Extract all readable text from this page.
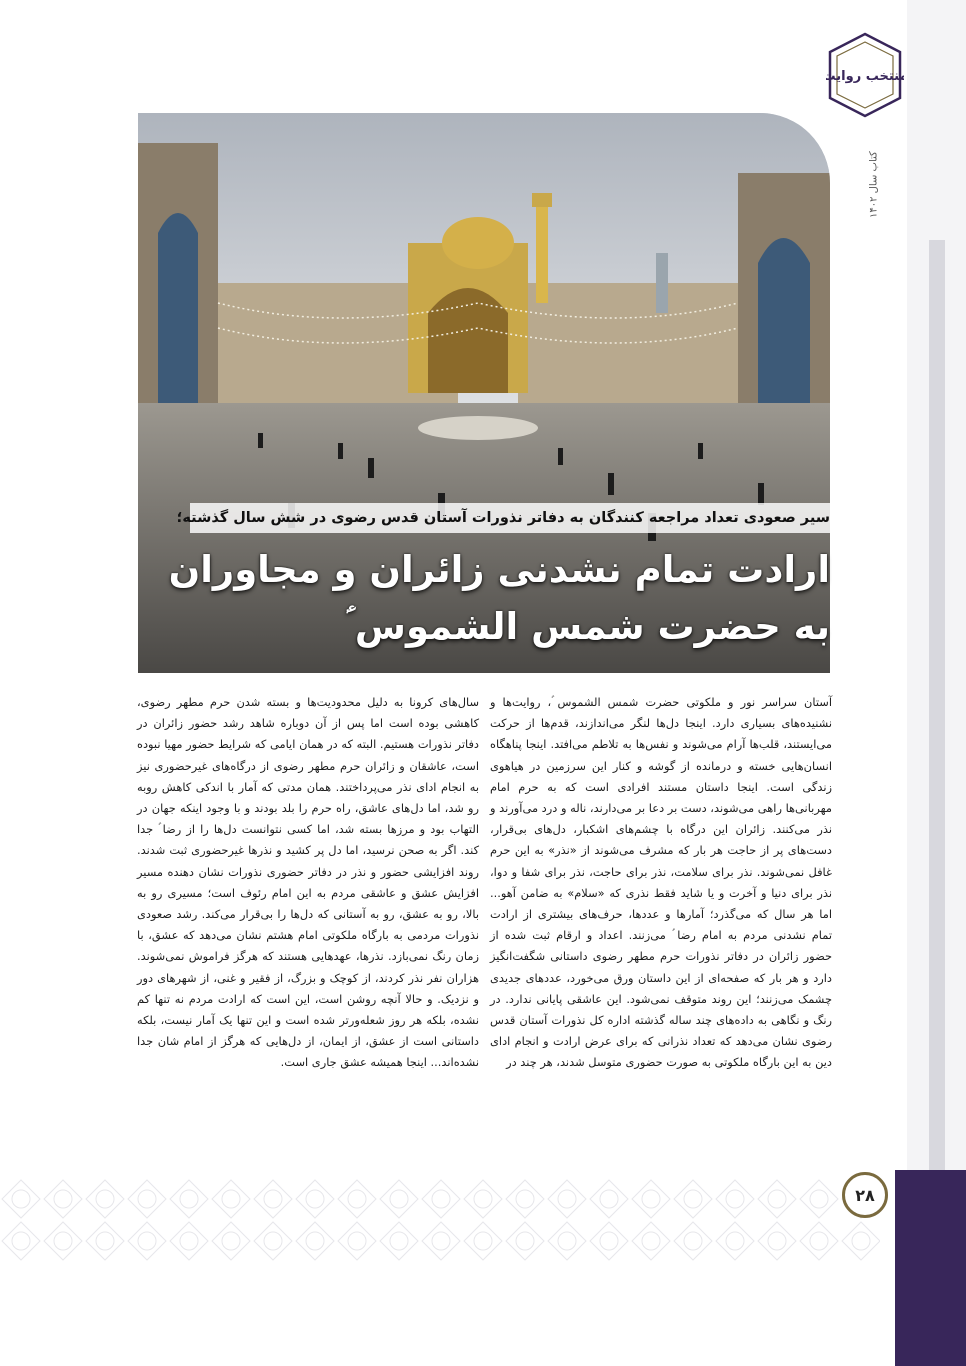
منتخب روایت
کتاب سال ۱۴۰۲
سیر صعودی تعداد مراجعه کنندگان به دفاتر نذورات آستان قدس رضوی در شش سال گذشته؛
ارادت تمام نشدنی زائران و مجاوران
به حضرت شمس الشموس ؑ

آستان سراسر نور و ملکوتی حضرت شمس الشموس ؑ، روایت‌ها و نشنیده‌های بسیاری دارد. اینجا دل‌ها لنگر می‌اندازند، قدم‌ها از حرکت می‌ایستند، قلب‌ها آرام می‌شوند و نفس‌ها به تلاطم می‌افتد. اینجا پناهگاه انسان‌هایی خسته و درمانده از گوشه و کنار این سرزمین در هیاهوی زندگی است. اینجا داستان مستند افرادی است که به حرم امام مهربانی‌ها راهی می‌شوند، دست بر دعا بر می‌دارند، ناله و درد می‌آورند و نذر می‌کنند. زائران این درگاه با چشم‌های اشکبار، دل‌های بی‌قرار، دست‌های پر از حاجت هر بار که مشرف می‌شوند از «نذر» به این حرم غافل نمی‌شوند. نذر برای سلامت، نذر برای حاجت، نذر برای شفا و دوا، نذر برای دنیا و آخرت و یا شاید فقط نذری که «سلام» به ضامن آهو... اما هر سال که می‌گذرد؛ آمارها و عددها، حرف‌های بیشتری از ارادت تمام نشدنی مردم به امام رضا ؑ می‌زنند. اعداد و ارقام ثبت شده از حضور زائران در دفاتر نذورات حرم مطهر رضوی داستانی شگفت‌انگیز دارد و هر بار که صفحه‌ای از این داستان ورق می‌خورد، عددهای جدیدی چشمک می‌زنند؛ این روند متوقف نمی‌شود. این عاشقی پایانی ندارد. در رنگ و نگاهی به داده‌های چند ساله گذشته اداره کل نذورات آستان قدس رضوی نشان می‌دهد که تعداد نذرانی که برای عرض ارادت و انجام ادای دین به این بارگاه ملکوتی به صورت حضوری متوسل شدند، هر چند در

سال‌های کرونا به دلیل محدودیت‌ها و بسته شدن حرم مطهر رضوی، کاهشی بوده است اما پس از آن دوباره شاهد رشد حضور زائران در دفاتر نذورات هستیم. البته که در همان ایامی که شرایط حضور مهیا نبوده است، عاشقان و زائران حرم مطهر رضوی از درگاه‌های غیرحضوری نیز به انجام ادای نذر می‌پرداختند. همان مدتی که آمار با اندکی کاهش روبه رو شد، اما دل‌های عاشق، راه حرم را بلد بودند و با وجود اینکه جهان در التهاب بود و مرزها بسته شد، اما کسی نتوانست دل‌ها را از رضا ؑ جدا کند. اگر به صحن نرسید، اما دل پر کشید و نذر‌ها غیرحضوری ثبت شدند. روند افزایشی حضور و نذر در دفاتر حضوری نذورات نشان دهنده مسیر افزایش عشق و عاشقی مردم به این امام رئوف است؛ مسیری رو به بالا، رو به عشق، رو به آستانی که دل‌ها را بی‌قرار می‌کند. رشد صعودی نذورات مردمی به بارگاه ملکوتی امام هشتم نشان می‌دهد که عشق، با زمان رنگ نمی‌بازد. نذرها، عهدهایی هستند که هرگز فراموش نمی‌شوند. هزاران نفر نذر کردند، از کوچک و بزرگ، از فقیر و غنی، از شهرهای دور و نزدیک. و حالا آنچه روشن است، این است که ارادت مردم نه تنها کم نشده، بلکه هر روز شعله‌ورتر شده است و این تنها یک آمار نیست، بلکه داستانی است از عشق، از ایمان، از دل‌هایی که هرگز از امام شان جدا نشده‌اند... اینجا همیشه عشق جاری است.

۲۸
